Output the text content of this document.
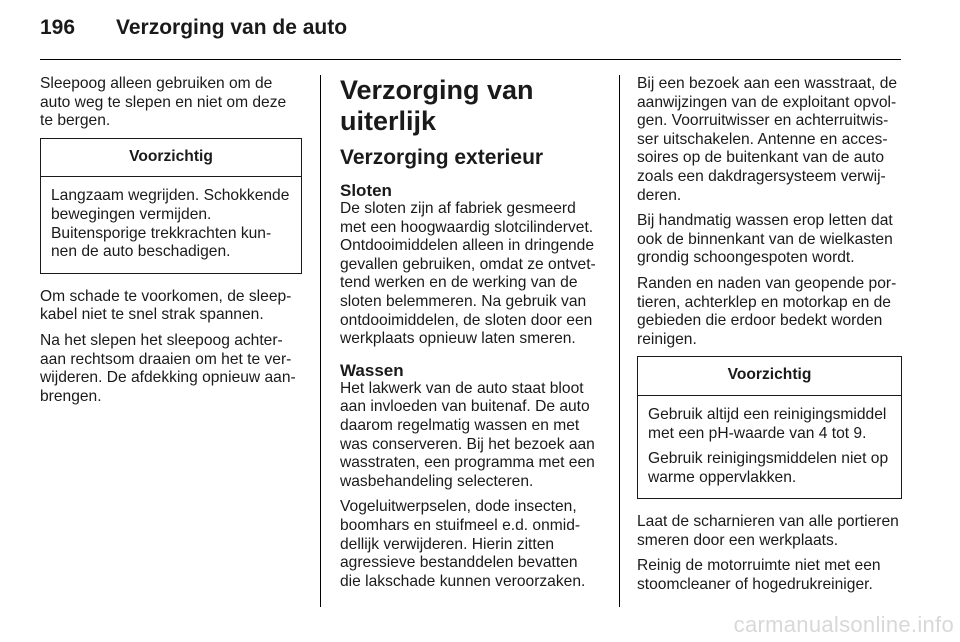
196 Verzorging van de auto

Sleepoog alleen gebruiken om de auto weg te slepen en niet om deze te bergen.

Voorzichtig

Langzaam wegrijden. Schokkende bewegingen vermijden. Buitensporige trekkrachten kunnen de auto beschadigen.

Om schade te voorkomen, de sleepkabel niet te snel strak spannen.

Na het slepen het sleepoog achteraan rechtsom draaien om het te verwijderen. De afdekking opnieuw aanbrengen.

Verzorging van uiterlijk
Verzorging exterieur
Sloten

De sloten zijn af fabriek gesmeerd met een hoogwaardig slotcilindervet. Ontdooimiddelen alleen in dringende gevallen gebruiken, omdat ze ontvettend werken en de werking van de sloten belemmeren. Na gebruik van ontdooimiddelen, de sloten door een werkplaats opnieuw laten smeren.

Wassen

Het lakwerk van de auto staat bloot aan invloeden van buitenaf. De auto daarom regelmatig wassen en met was conserveren. Bij het bezoek aan wasstraten, een programma met een wasbehandeling selecteren.

Vogeluitwerpselen, dode insecten, boomhars en stuifmeel e.d. onmiddellijk verwijderen. Hierin zitten agressieve bestanddelen bevatten die lakschade kunnen veroorzaken.

Bij een bezoek aan een wasstraat, de aanwijzingen van de exploitant opvolgen. Voorruitwisser en achterruitwisser uitschakelen. Antenne en accessoires op de buitenkant van de auto zoals een dakdragersysteem verwijderen.

Bij handmatig wassen erop letten dat ook de binnenkant van de wielkasten grondig schoongespoten wordt.

Randen en naden van geopende portieren, achterklep en motorkap en de gebieden die erdoor bedekt worden reinigen.

Voorzichtig

Gebruik altijd een reinigingsmiddel met een pH-waarde van 4 tot 9.

Gebruik reinigingsmiddelen niet op warme oppervlakken.

Laat de scharnieren van alle portieren smeren door een werkplaats.

Reinig de motorruimte niet met een stoomcleaner of hogedrukreiniger.

carmanualsonline.info
